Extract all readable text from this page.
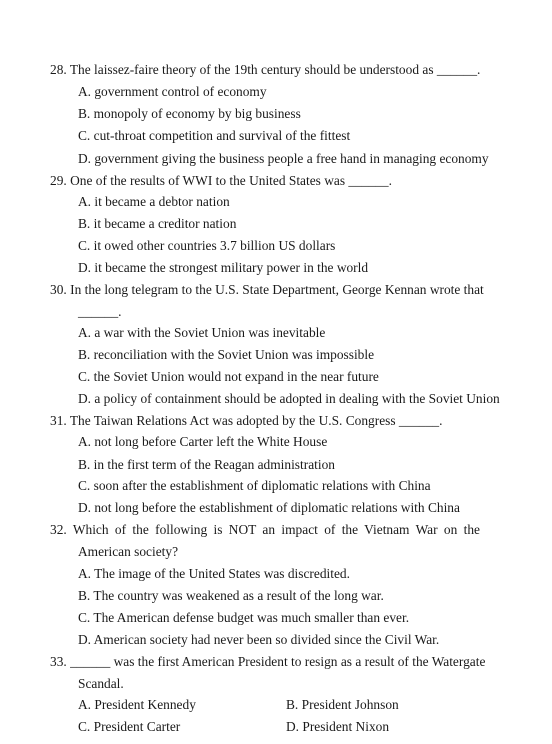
28. The laissez-faire theory of the 19th century should be understood as ______.
A. government control of economy
B. monopoly of economy by big business
C. cut-throat competition and survival of the fittest
D. government giving the business people a free hand in managing economy
29. One of the results of WWI to the United States was ______.
A. it became a debtor nation
B. it became a creditor nation
C. it owed other countries 3.7 billion US dollars
D. it became the strongest military power in the world
30. In the long telegram to the U.S. State Department, George Kennan wrote that
______.
A. a war with the Soviet Union was inevitable
B. reconciliation with the Soviet Union was impossible
C. the Soviet Union would not expand in the near future
D. a policy of containment should be adopted in dealing with the Soviet Union
31. The Taiwan Relations Act was adopted by the U.S. Congress ______.
A. not long before Carter left the White House
B. in the first term of the Reagan administration
C. soon after the establishment of diplomatic relations with China
D. not long before the establishment of diplomatic relations with China
32. Which of the following is NOT an impact of the Vietnam War on the
American society?
A. The image of the United States was discredited.
B. The country was weakened as a result of the long war.
C. The American defense budget was much smaller than ever.
D. American society had never been so divided since the Civil War.
33. ______ was the first American President to resign as a result of the Watergate
Scandal.
A. President Kennedy	B. President Johnson
C. President Carter	D. President Nixon
